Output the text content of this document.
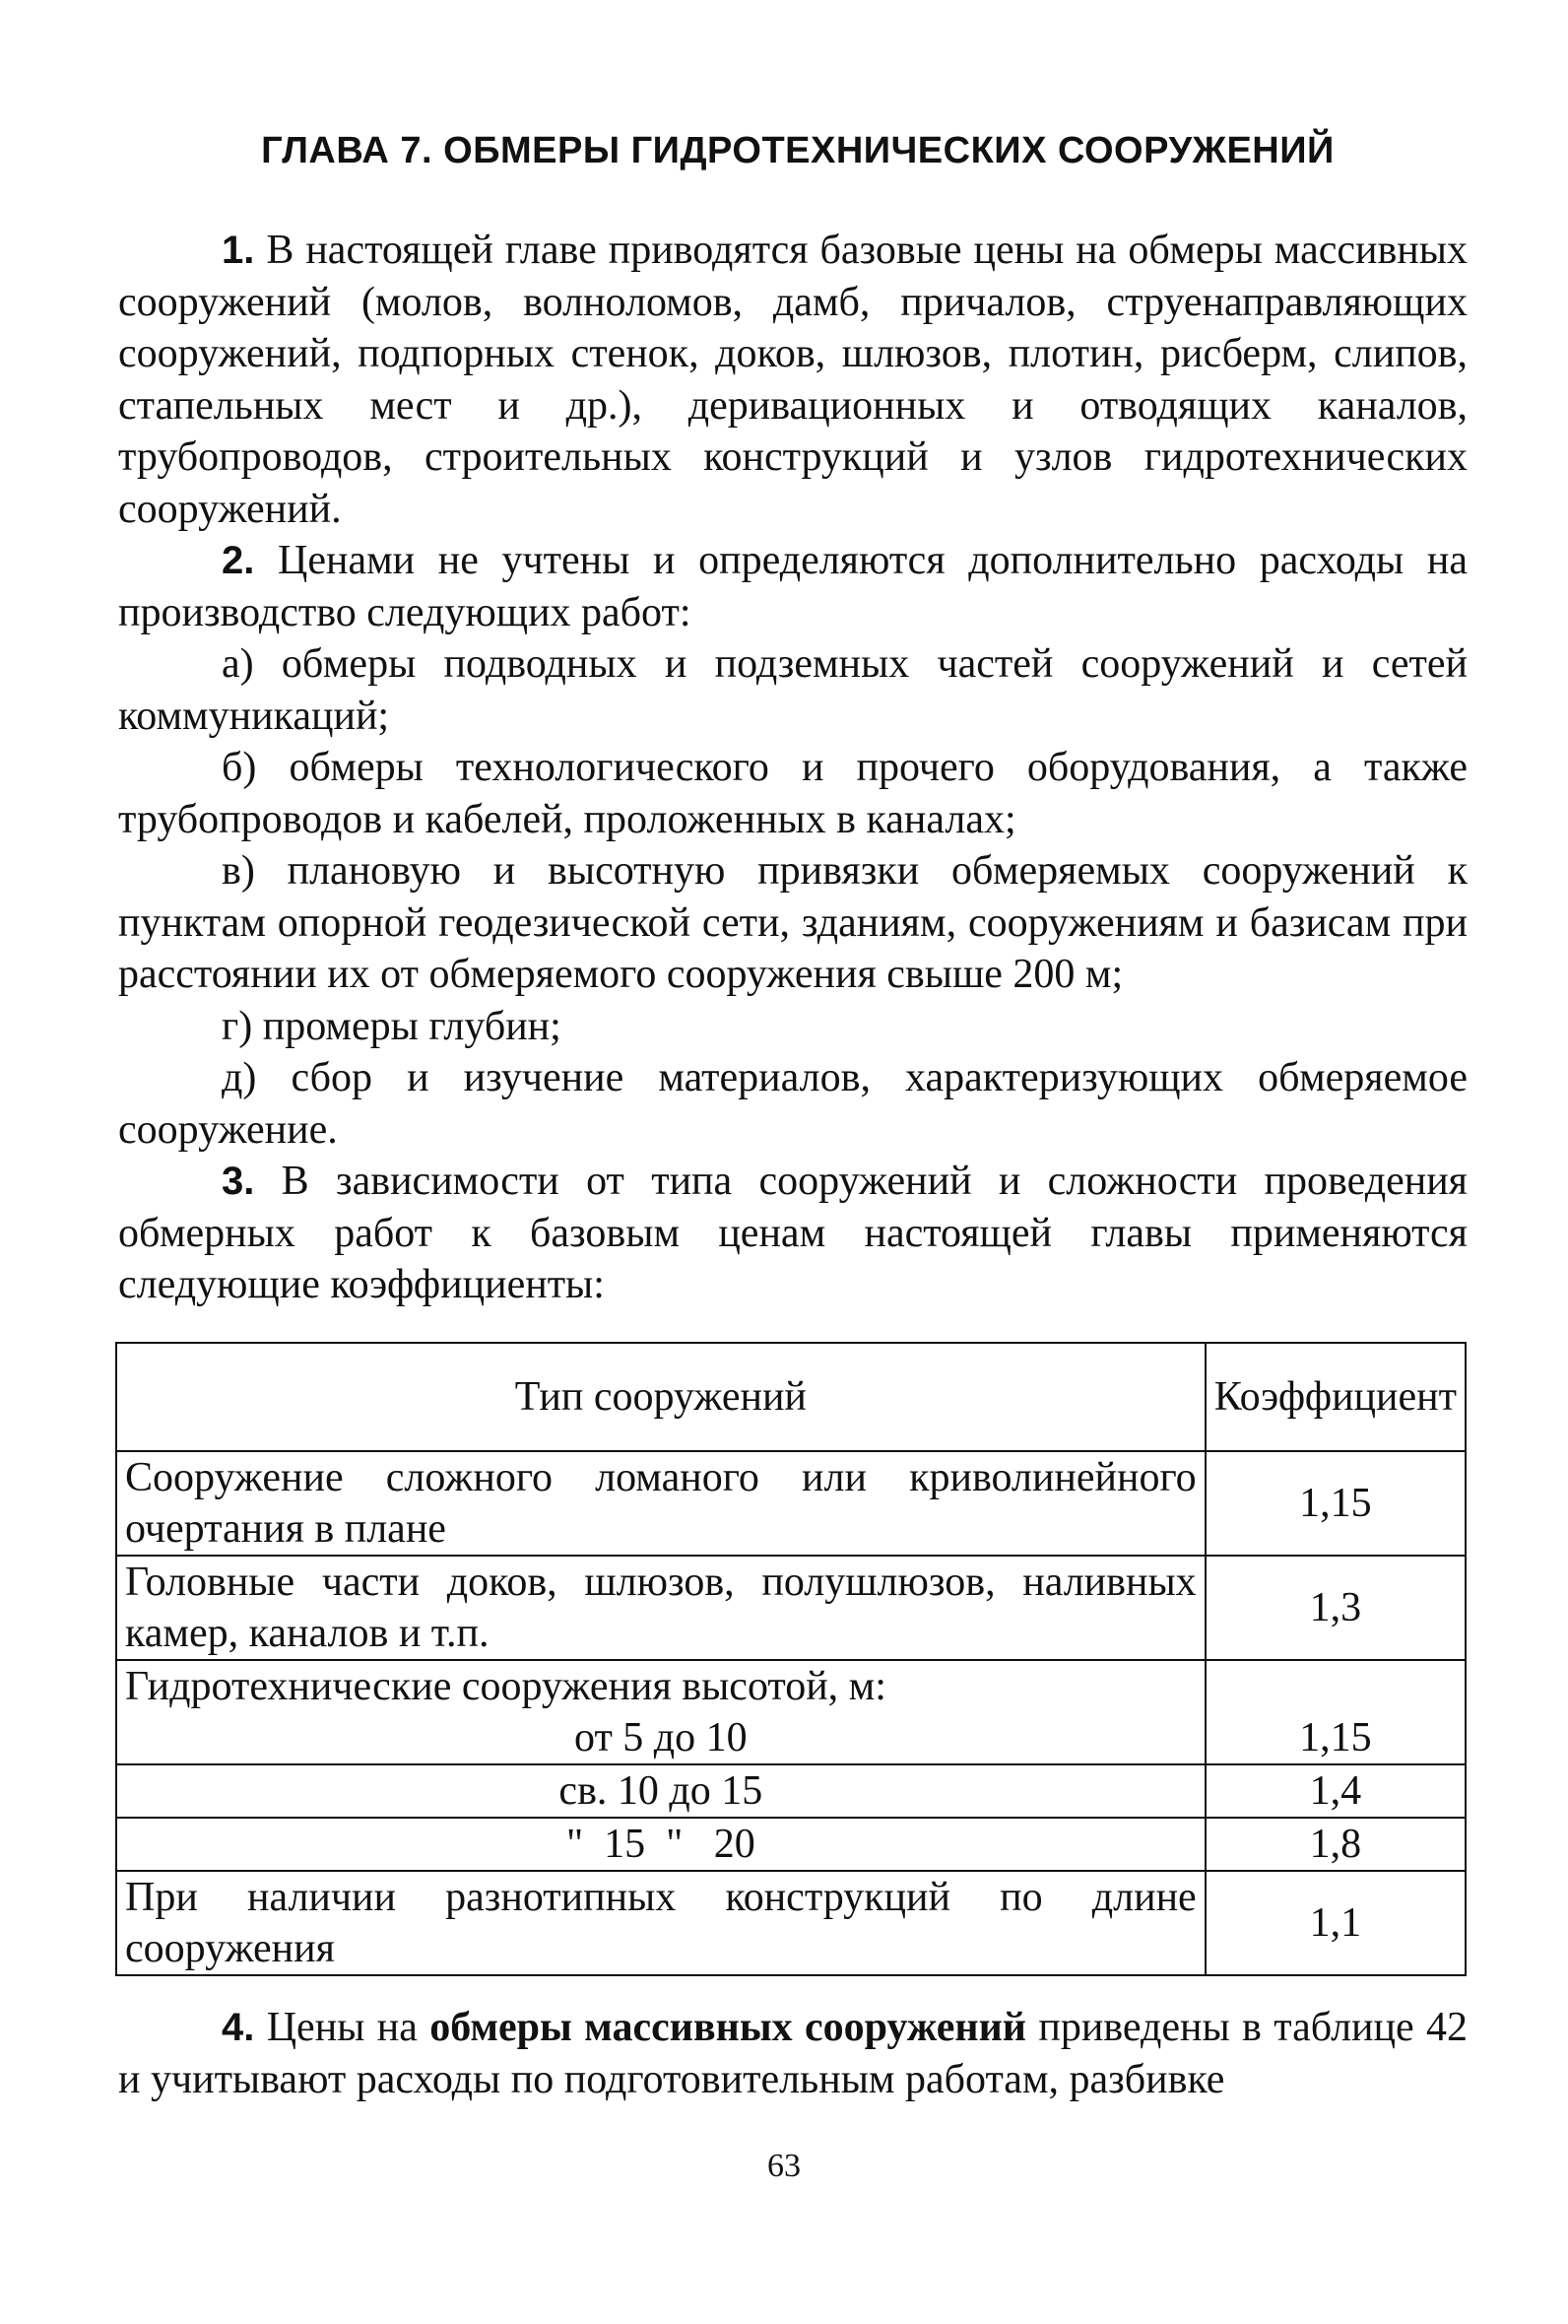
ГЛАВА 7. ОБМЕРЫ ГИДРОТЕХНИЧЕСКИХ СООРУЖЕНИЙ

1. В настоящей главе приводятся базовые цены на обмеры массивных сооружений (молов, волноломов, дамб, причалов, струенаправляющих сооружений, подпорных стенок, доков, шлюзов, плотин, рисберм, слипов, стапельных мест и др.), деривационных и отводящих каналов, трубопроводов, строительных конструкций и узлов гидротехнических сооружений.

2. Ценами не учтены и определяются дополнительно расходы на производство следующих работ:

а) обмеры подводных и подземных частей сооружений и сетей коммуникаций;

б) обмеры технологического и прочего оборудования, а также трубопроводов и кабелей, проложенных в каналах;

в) плановую и высотную привязки обмеряемых сооружений к пунктам опорной геодезической сети, зданиям, сооружениям и базисам при расстоянии их от обмеряемого сооружения свыше 200 м;

г) промеры глубин;

д) сбор и изучение материалов, характеризующих обмеряемое сооружение.

3. В зависимости от типа сооружений и сложности проведения обмерных работ к базовым ценам настоящей главы применяются следующие коэффициенты:

Тип сооружений	Коэффициент
Сооружение сложного ломаного или криволинейного очертания в плане	1,15
Головные части доков, шлюзов, полушлюзов, наливных камер, каналов и т.п.	1,3
Гидротехнические сооружения высотой, м:	
от 5 до 10	1,15
св. 10 до 15	1,4
"  15  "   20	1,8
При наличии разнотипных конструкций по длине сооружения	1,1

4. Цены на обмеры массивных сооружений приведены в таблице 42 и учитывают расходы по подготовительным работам, разбивке

63
